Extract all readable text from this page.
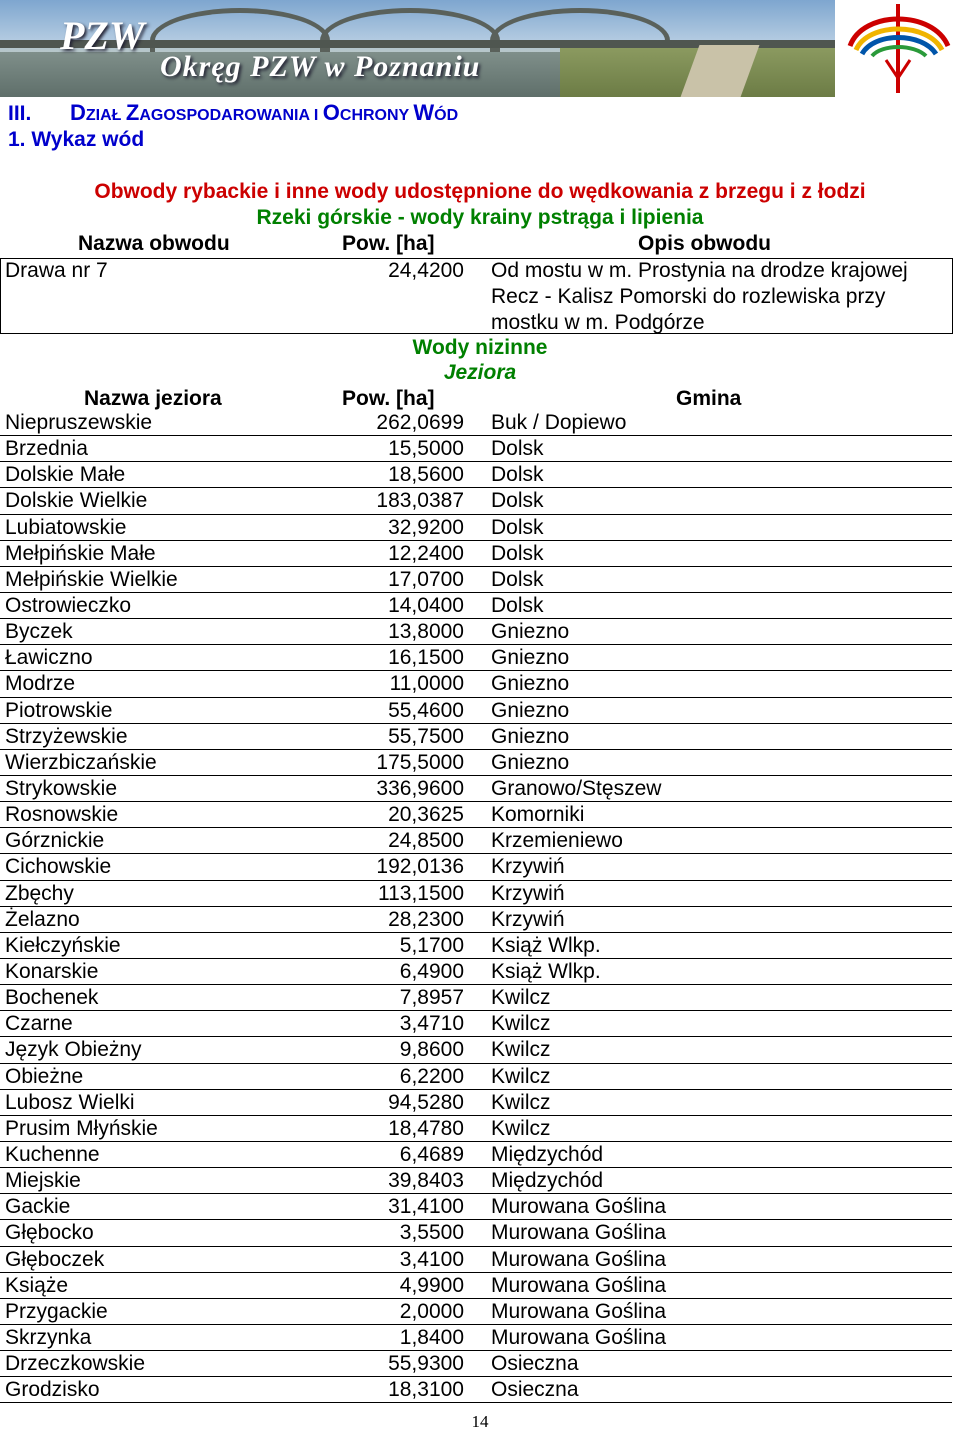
PZW
Okręg PZW w Poznaniu
III. DZIAŁ ZAGOSPODAROWANIA I OCHRONY WÓD
1. Wykaz wód
Obwody rybackie i inne wody udostępnione do wędkowania z brzegu i z łodzi
Rzeki górskie - wody krainy pstrąga i lipienia
Nazwa obwodu	Pow. [ha]	Opis obwodu
Drawa nr 7	24,4200 Od mostu w m. Prostynia na drodze krajowej Recz - Kalisz Pomorski do rozlewiska przy mostku w m. Podgórze
Wody nizinne
Jeziora
Nazwa jeziora	Pow. [ha]	Gmina
Niepruszewskie	262,0699 Buk / Dopiewo
Brzednia	15,5000 Dolsk
Dolskie Małe	18,5600 Dolsk
Dolskie Wielkie	183,0387 Dolsk
Lubiatowskie	32,9200 Dolsk
Mełpińskie Małe	12,2400 Dolsk
Mełpińskie Wielkie	17,0700 Dolsk
Ostrowieczko	14,0400 Dolsk
Byczek	13,8000 Gniezno
Ławiczno	16,1500 Gniezno
Modrze	11,0000 Gniezno
Piotrowskie	55,4600 Gniezno
Strzyżewskie	55,7500 Gniezno
Wierzbiczańskie	175,5000 Gniezno
Strykowskie	336,9600 Granowo/Stęszew
Rosnowskie	20,3625 Komorniki
Górznickie	24,8500 Krzemieniewo
Cichowskie	192,0136 Krzywiń
Zbęchy	113,1500 Krzywiń
Żelazno	28,2300 Krzywiń
Kiełczyńskie	5,1700 Książ Wlkp.
Konarskie	6,4900 Książ Wlkp.
Bochenek	7,8957 Kwilcz
Czarne	3,4710 Kwilcz
Język Obieżny	9,8600 Kwilcz
Obieżne	6,2200 Kwilcz
Lubosz Wielki	94,5280 Kwilcz
Prusim Młyńskie	18,4780 Kwilcz
Kuchenne	6,4689 Międzychód
Miejskie	39,8403 Międzychód
Gackie	31,4100 Murowana Goślina
Głębocko	3,5500 Murowana Goślina
Głęboczek	3,4100 Murowana Goślina
Książe	4,9900 Murowana Goślina
Przygackie	2,0000 Murowana Goślina
Skrzynka	1,8400 Murowana Goślina
Drzeczkowskie	55,9300 Osieczna
Grodzisko	18,3100 Osieczna
14
